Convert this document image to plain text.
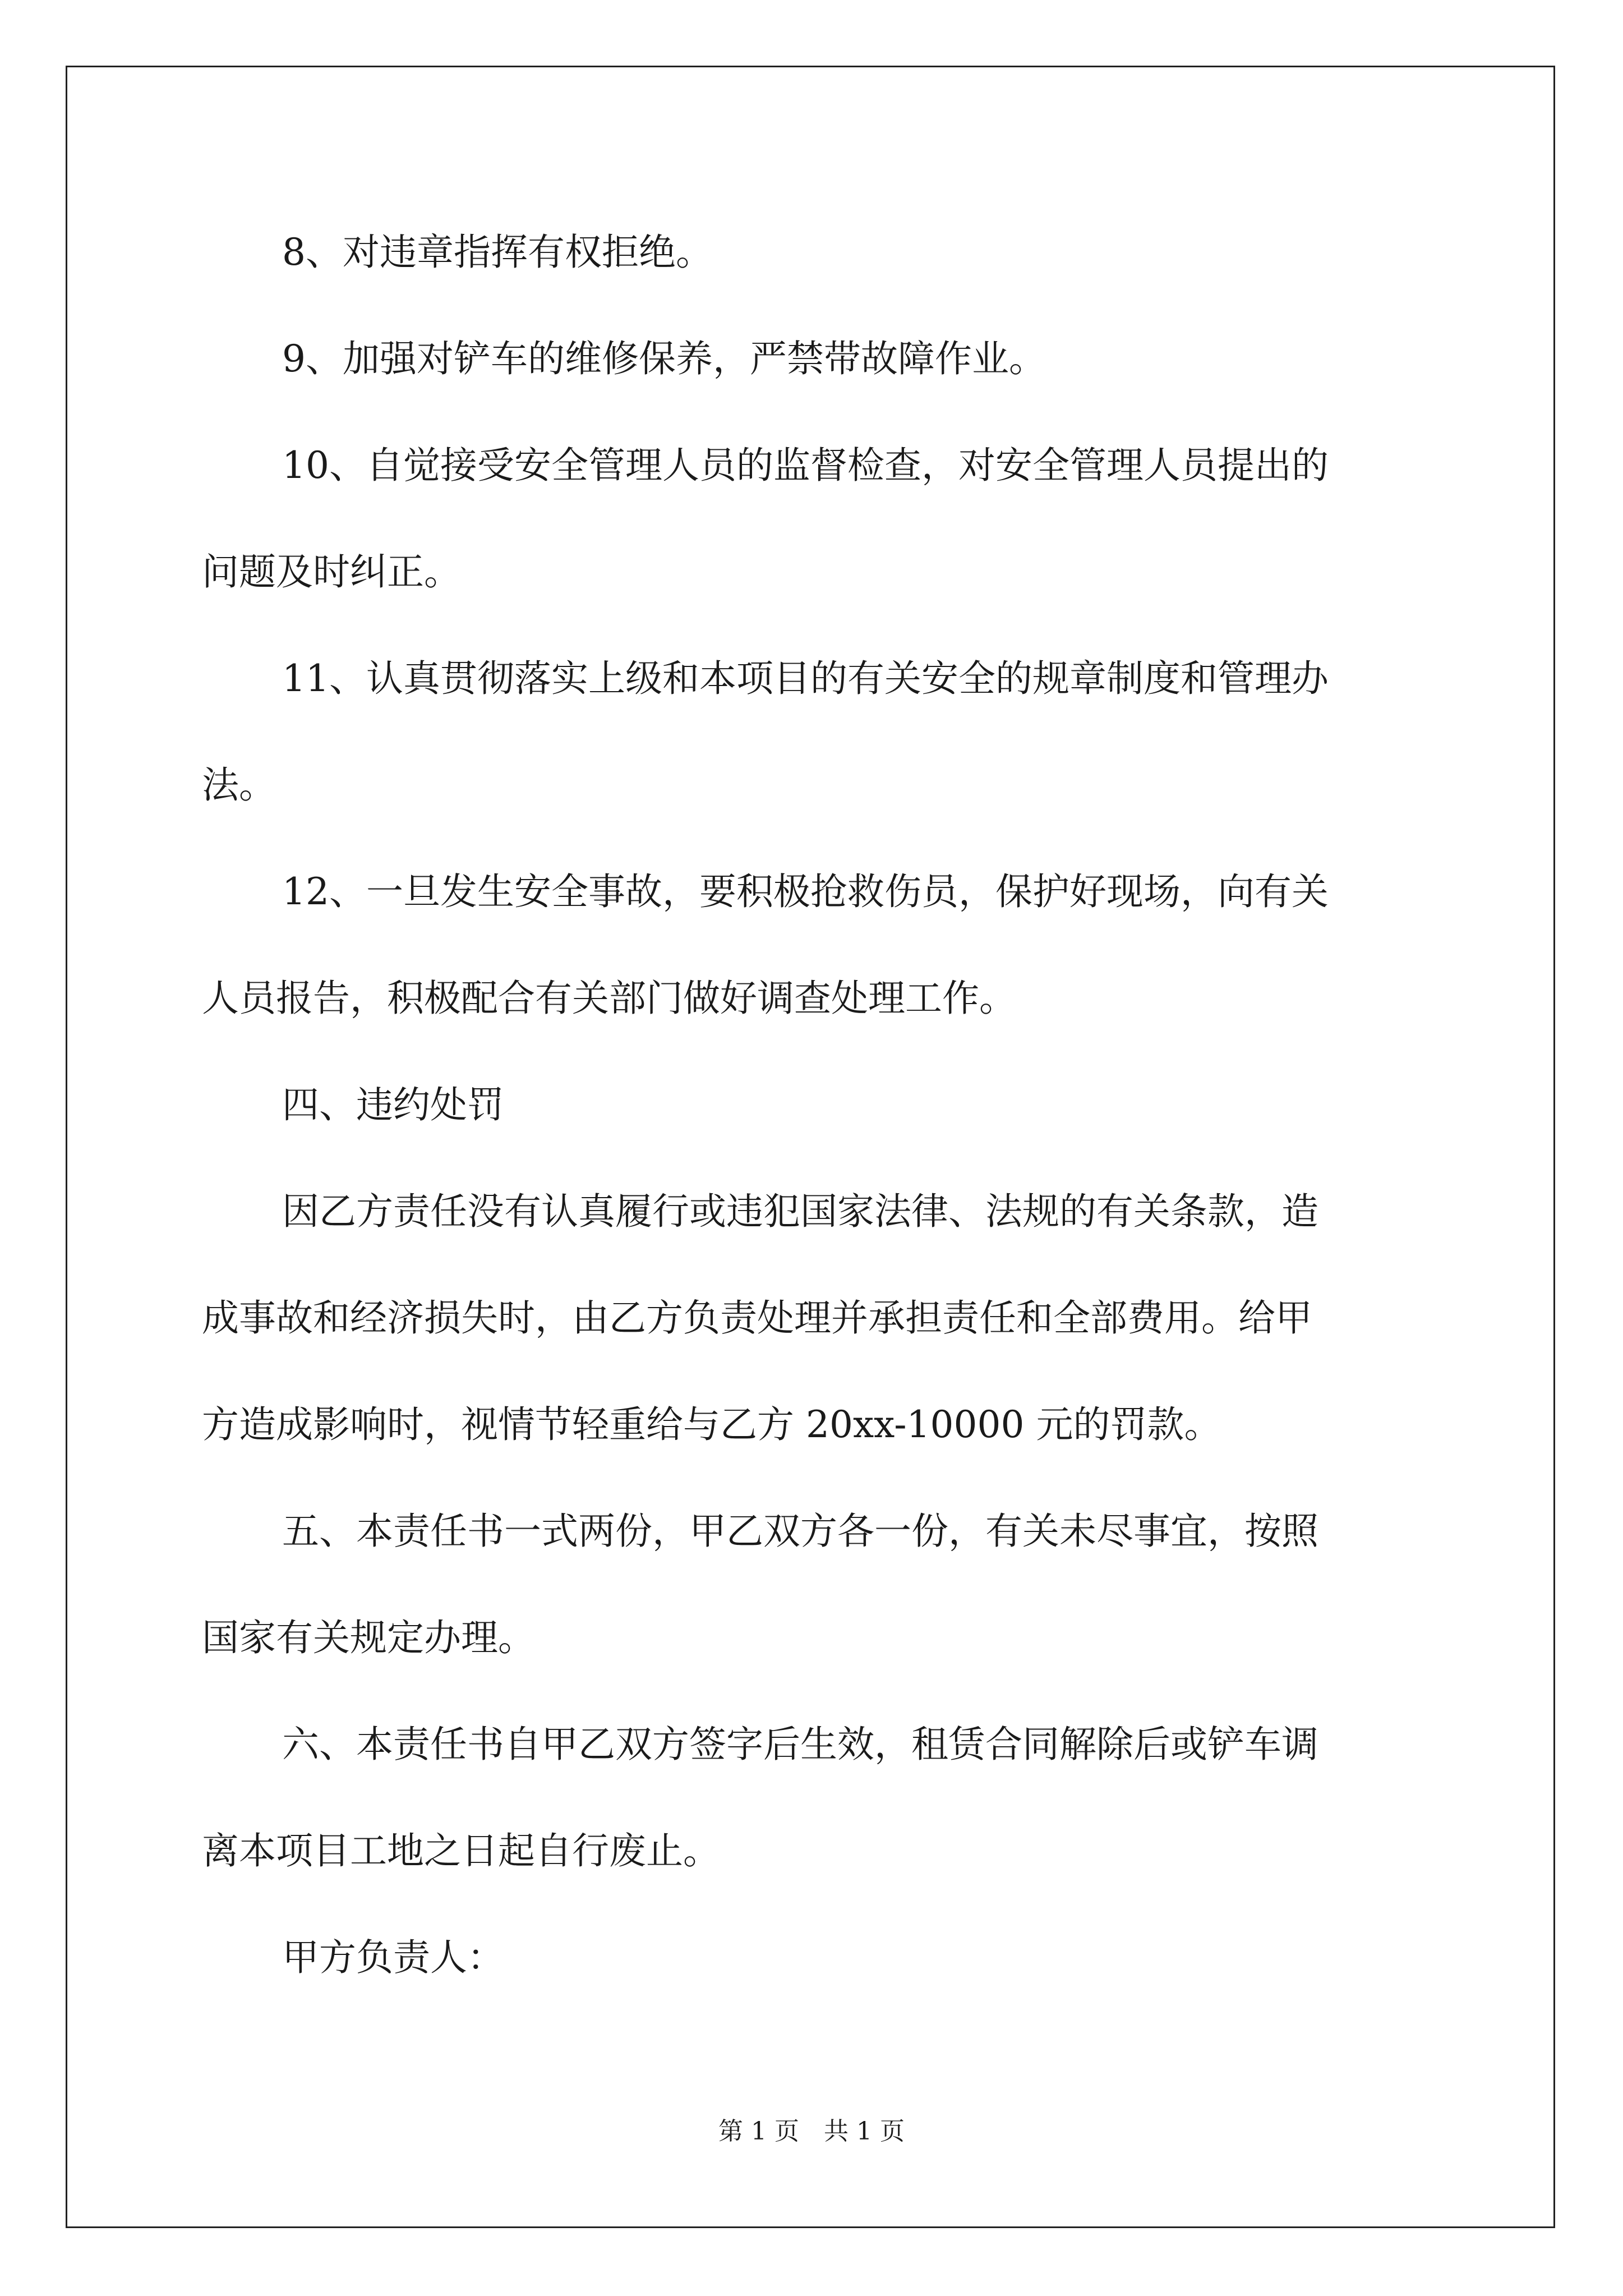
8、对违章指挥有权拒绝。
9、加强对铲车的维修保养，严禁带故障作业。
10、自觉接受安全管理人员的监督检查，对安全管理人员提出的
问题及时纠正。
11、认真贯彻落实上级和本项目的有关安全的规章制度和管理办
法。
12、一旦发生安全事故，要积极抢救伤员，保护好现场，向有关
人员报告，积极配合有关部门做好调查处理工作。
四、违约处罚
因乙方责任没有认真履行或违犯国家法律、法规的有关条款，造
成事故和经济损失时，由乙方负责处理并承担责任和全部费用。给甲
方造成影响时，视情节轻重给与乙方 20xx-10000 元的罚款。
五、本责任书一式两份，甲乙双方各一份，有关未尽事宜，按照
国家有关规定办理。
六、本责任书自甲乙双方签字后生效，租赁合同解除后或铲车调
离本项目工地之日起自行废止。
甲方负责人：
第 1 页　共 1 页
